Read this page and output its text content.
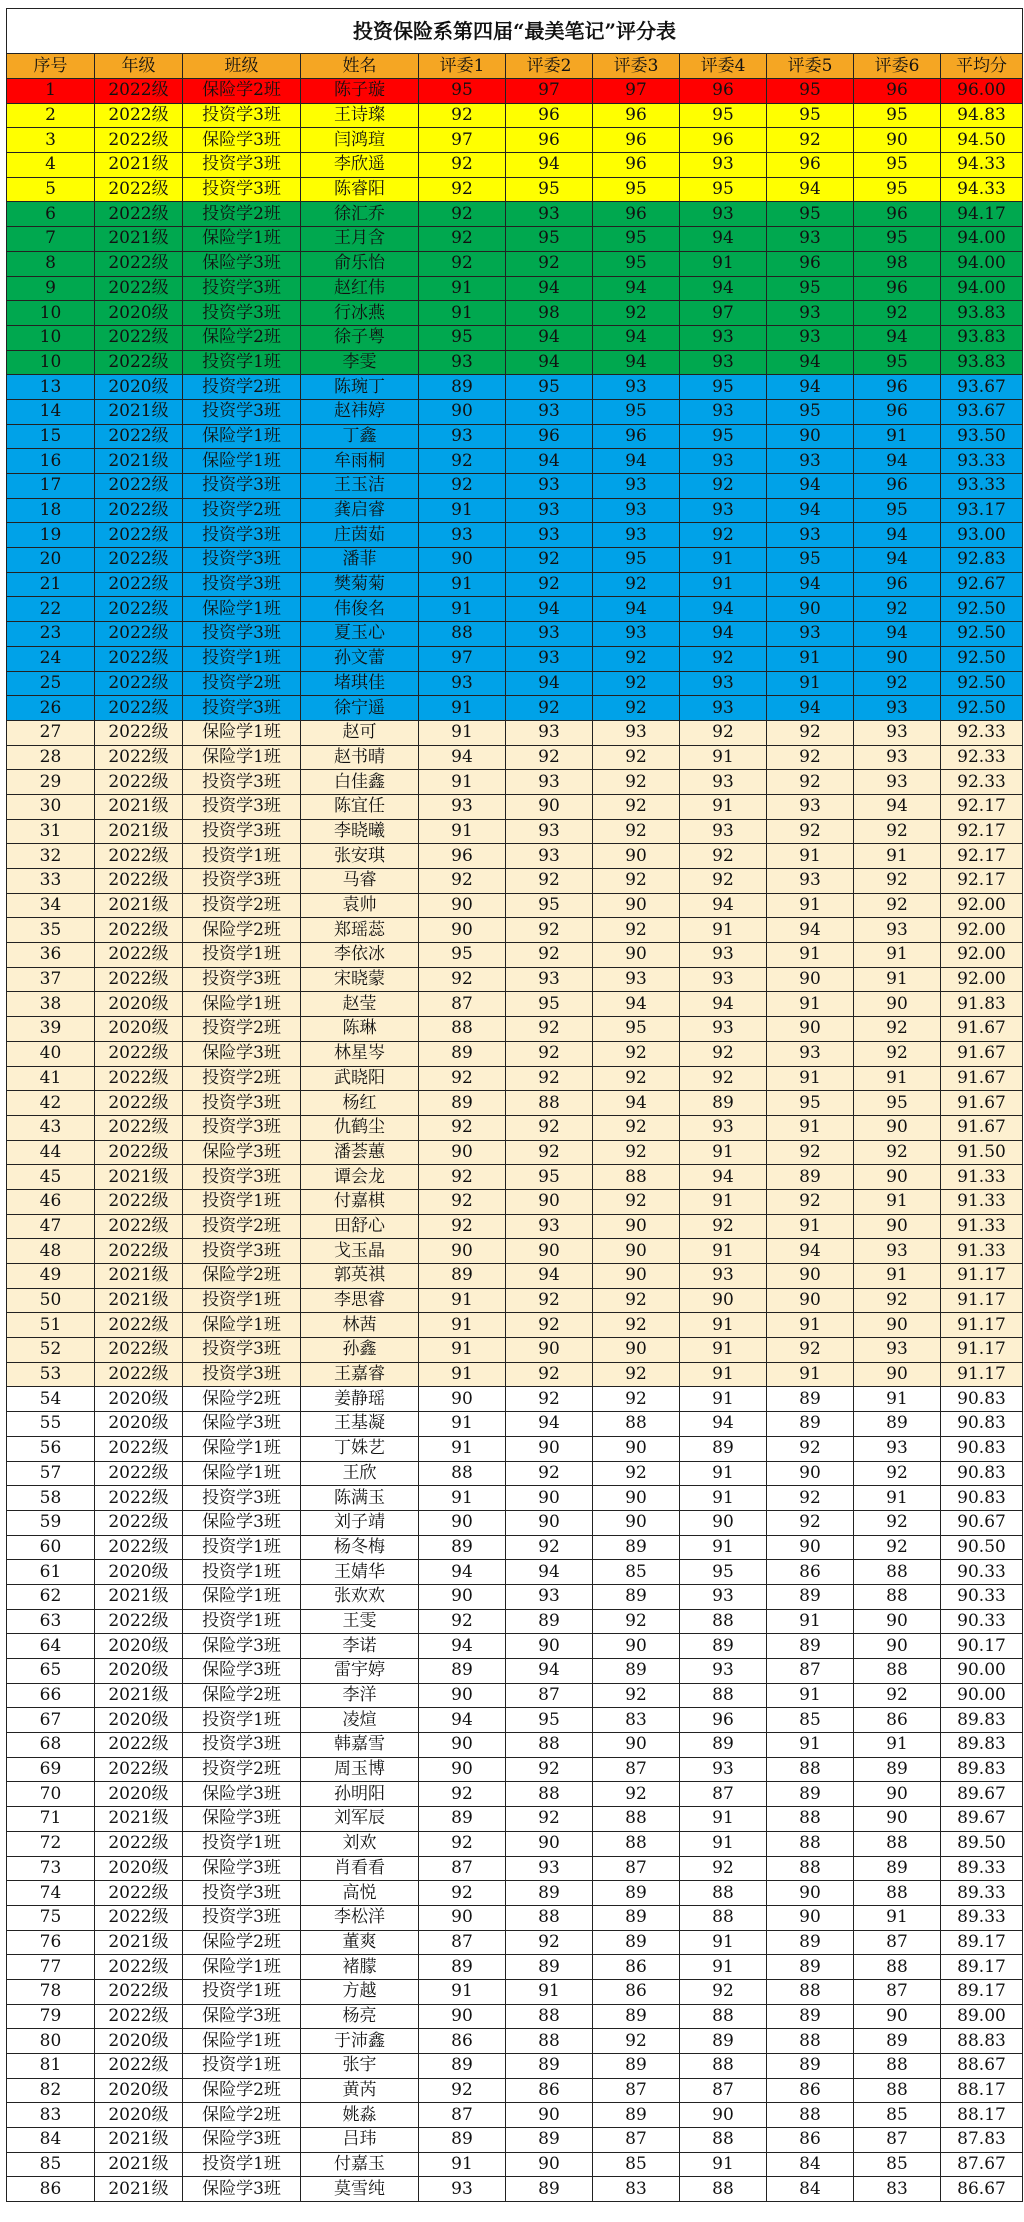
投资保险系第四届“最美笔记”评分表										
序号	年级	班级	姓名	评委1	评委2	评委3	评委4	评委5	评委6	平均分
1	2022级	保险学2班	陈子璇	95	97	97	96	95	96	96.00
2	2022级	投资学3班	王诗璨	92	96	96	95	95	95	94.83
3	2022级	保险学3班	闫鸿瑄	97	96	96	96	92	90	94.50
4	2021级	投资学3班	李欣遥	92	94	96	93	96	95	94.33
5	2022级	投资学3班	陈睿阳	92	95	95	95	94	95	94.33
6	2022级	投资学2班	徐汇乔	92	93	96	93	95	96	94.17
7	2021级	保险学1班	王月含	92	95	95	94	93	95	94.00
8	2022级	保险学3班	俞乐怡	92	92	95	91	96	98	94.00
9	2022级	投资学3班	赵红伟	91	94	94	94	95	96	94.00
10	2020级	投资学3班	行冰燕	91	98	92	97	93	92	93.83
10	2022级	保险学2班	徐子粤	95	94	94	93	93	94	93.83
10	2022级	投资学1班	李雯	93	94	94	93	94	95	93.83
13	2020级	投资学2班	陈琬丁	89	95	93	95	94	96	93.67
14	2021级	投资学3班	赵祎婷	90	93	95	93	95	96	93.67
15	2022级	保险学1班	丁鑫	93	96	96	95	90	91	93.50
16	2021级	保险学1班	牟雨桐	92	94	94	93	93	94	93.33
17	2022级	投资学3班	王玉洁	92	93	93	92	94	96	93.33
18	2022级	投资学2班	龚启睿	91	93	93	93	94	95	93.17
19	2022级	投资学3班	庄茵茹	93	93	93	92	93	94	93.00
20	2022级	投资学3班	潘菲	90	92	95	91	95	94	92.83
21	2022级	投资学3班	樊菊菊	91	92	92	91	94	96	92.67
22	2022级	保险学1班	伟俊名	91	94	94	94	90	92	92.50
23	2022级	投资学3班	夏玉心	88	93	93	94	93	94	92.50
24	2022级	投资学1班	孙文蕾	97	93	92	92	91	90	92.50
25	2022级	投资学2班	堵琪佳	93	94	92	93	91	92	92.50
26	2022级	投资学3班	徐宁遥	91	92	92	93	94	93	92.50
27	2022级	保险学1班	赵可	91	93	93	92	92	93	92.33
28	2022级	保险学1班	赵书晴	94	92	92	91	92	93	92.33
29	2022级	投资学3班	白佳鑫	91	93	92	93	92	93	92.33
30	2021级	投资学3班	陈宜任	93	90	92	91	93	94	92.17
31	2021级	投资学3班	李晓曦	91	93	92	93	92	92	92.17
32	2022级	投资学1班	张安琪	96	93	90	92	91	91	92.17
33	2022级	投资学3班	马睿	92	92	92	92	93	92	92.17
34	2021级	投资学2班	袁帅	90	95	90	94	91	92	92.00
35	2022级	保险学2班	郑瑶蕊	90	92	92	91	94	93	92.00
36	2022级	投资学1班	李依冰	95	92	90	93	91	91	92.00
37	2022级	投资学3班	宋晓蒙	92	93	93	93	90	91	92.00
38	2020级	保险学1班	赵莹	87	95	94	94	91	90	91.83
39	2020级	投资学2班	陈琳	88	92	95	93	90	92	91.67
40	2022级	保险学3班	林星岑	89	92	92	92	93	92	91.67
41	2022级	投资学2班	武晓阳	92	92	92	92	91	91	91.67
42	2022级	投资学3班	杨红	89	88	94	89	95	95	91.67
43	2022级	投资学3班	仇鹤尘	92	92	92	93	91	90	91.67
44	2022级	保险学3班	潘荟蕙	90	92	92	91	92	92	91.50
45	2021级	投资学3班	谭会龙	92	95	88	94	89	90	91.33
46	2022级	投资学1班	付嘉棋	92	90	92	91	92	91	91.33
47	2022级	投资学2班	田舒心	92	93	90	92	91	90	91.33
48	2022级	投资学3班	戈玉晶	90	90	90	91	94	93	91.33
49	2021级	保险学2班	郭英祺	89	94	90	93	90	91	91.17
50	2021级	投资学1班	李思睿	91	92	92	90	90	92	91.17
51	2022级	保险学1班	林茜	91	92	92	91	91	90	91.17
52	2022级	投资学3班	孙鑫	91	90	90	91	92	93	91.17
53	2022级	投资学3班	王嘉睿	91	92	92	91	91	90	91.17
54	2020级	保险学2班	姜静瑶	90	92	92	91	89	91	90.83
55	2020级	保险学3班	王基凝	91	94	88	94	89	89	90.83
56	2022级	保险学1班	丁姝艺	91	90	90	89	92	93	90.83
57	2022级	保险学1班	王欣	88	92	92	91	90	92	90.83
58	2022级	投资学3班	陈满玉	91	90	90	91	92	91	90.83
59	2022级	保险学3班	刘子靖	90	90	90	90	92	92	90.67
60	2022级	投资学1班	杨冬梅	89	92	89	91	90	92	90.50
61	2020级	投资学1班	王婧华	94	94	85	95	86	88	90.33
62	2021级	保险学1班	张欢欢	90	93	89	93	89	88	90.33
63	2022级	投资学1班	王雯	92	89	92	88	91	90	90.33
64	2020级	保险学3班	李诺	94	90	90	89	89	90	90.17
65	2020级	保险学3班	雷宇婷	89	94	89	93	87	88	90.00
66	2021级	保险学2班	李洋	90	87	92	88	91	92	90.00
67	2020级	投资学1班	凌煊	94	95	83	96	85	86	89.83
68	2022级	投资学3班	韩嘉雪	90	88	90	89	91	91	89.83
69	2022级	投资学2班	周玉博	90	92	87	93	88	89	89.83
70	2020级	保险学3班	孙明阳	92	88	92	87	89	90	89.67
71	2021级	保险学3班	刘军辰	89	92	88	91	88	90	89.67
72	2022级	投资学1班	刘欢	92	90	88	91	88	88	89.50
73	2020级	保险学3班	肖看看	87	93	87	92	88	89	89.33
74	2022级	投资学3班	高悦	92	89	89	88	90	88	89.33
75	2022级	投资学3班	李松洋	90	88	89	88	90	91	89.33
76	2021级	保险学2班	董爽	87	92	89	91	89	87	89.17
77	2022级	保险学1班	褚朦	89	89	86	91	89	88	89.17
78	2022级	投资学1班	方越	91	91	86	92	88	87	89.17
79	2022级	保险学3班	杨亮	90	88	89	88	89	90	89.00
80	2020级	保险学1班	于沛鑫	86	88	92	89	88	89	88.83
81	2022级	投资学1班	张宇	89	89	89	88	89	88	88.67
82	2020级	保险学2班	黄芮	92	86	87	87	86	88	88.17
83	2020级	保险学2班	姚淼	87	90	89	90	88	85	88.17
84	2021级	保险学3班	吕玮	89	89	87	88	86	87	87.83
85	2021级	投资学1班	付嘉玉	91	90	85	91	84	85	87.67
86	2021级	保险学3班	莫雪纯	93	89	83	88	84	83	86.67
